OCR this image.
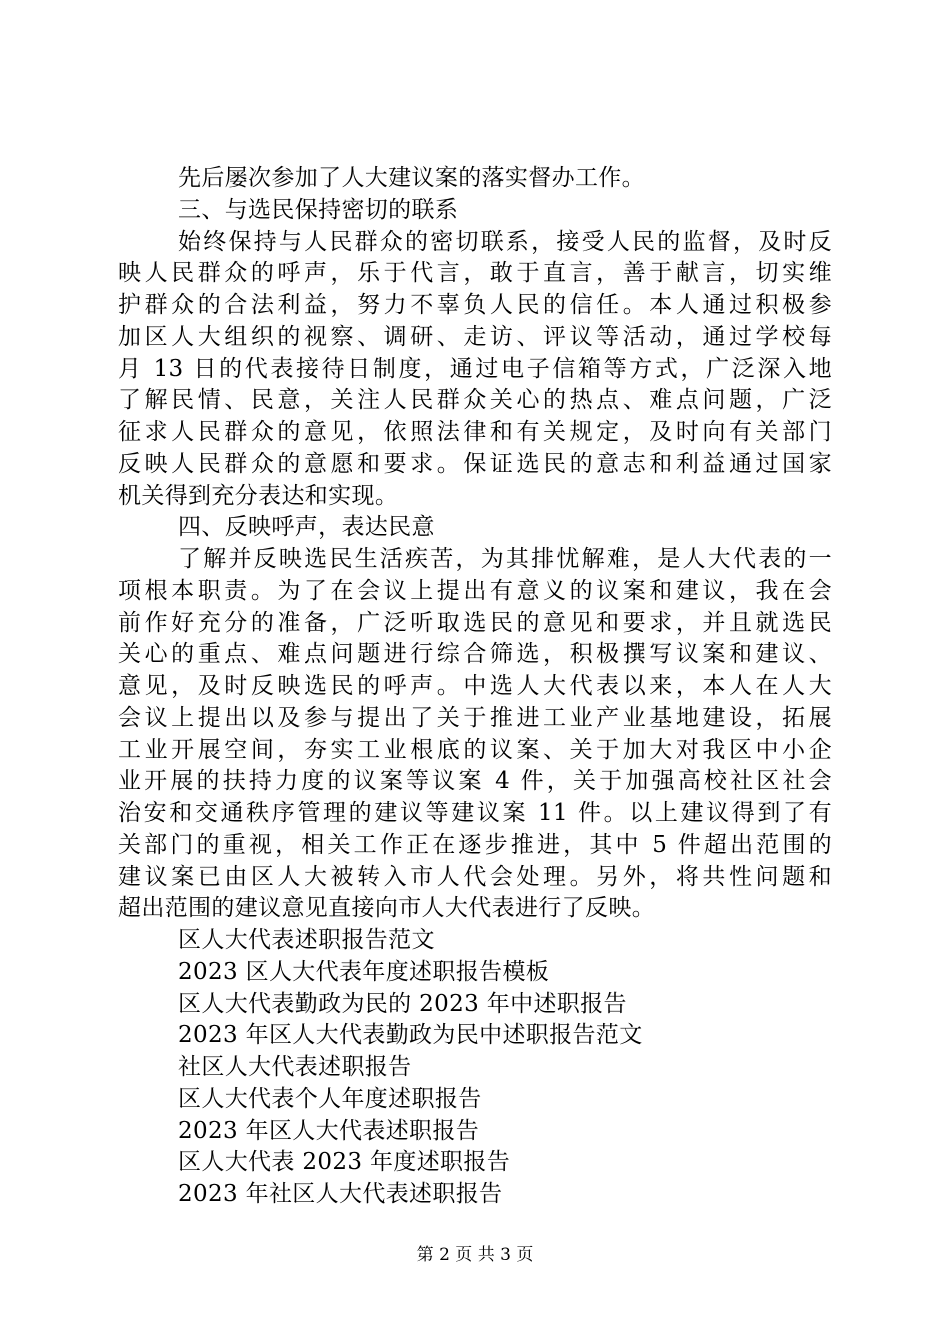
先后屡次参加了人大建议案的落实督办工作。
三、与选民保持密切的联系
始终保持与人民群众的密切联系，接受人民的监督，及时反
映人民群众的呼声，乐于代言，敢于直言，善于献言，切实维
护群众的合法利益，努力不辜负人民的信任。本人通过积极参
加区人大组织的视察、调研、走访、评议等活动，通过学校每
月 13 日的代表接待日制度，通过电子信箱等方式，广泛深入地
了解民情、民意，关注人民群众关心的热点、难点问题，广泛
征求人民群众的意见，依照法律和有关规定，及时向有关部门
反映人民群众的意愿和要求。保证选民的意志和利益通过国家
机关得到充分表达和实现。
四、反映呼声，表达民意
了解并反映选民生活疾苦，为其排忧解难，是人大代表的一
项根本职责。为了在会议上提出有意义的议案和建议，我在会
前作好充分的准备，广泛听取选民的意见和要求，并且就选民
关心的重点、难点问题进行综合筛选，积极撰写议案和建议、
意见，及时反映选民的呼声。中选人大代表以来，本人在人大
会议上提出以及参与提出了关于推进工业产业基地建设，拓展
工业开展空间，夯实工业根底的议案、关于加大对我区中小企
业开展的扶持力度的议案等议案 4 件，关于加强高校社区社会
治安和交通秩序管理的建议等建议案 11 件。以上建议得到了有
关部门的重视，相关工作正在逐步推进，其中 5 件超出范围的
建议案已由区人大被转入市人代会处理。另外，将共性问题和
超出范围的建议意见直接向市人大代表进行了反映。
区人大代表述职报告范文
2023 区人大代表年度述职报告模板
区人大代表勤政为民的 2023 年中述职报告
2023 年区人大代表勤政为民中述职报告范文
社区人大代表述职报告
区人大代表个人年度述职报告
2023 年区人大代表述职报告
区人大代表 2023 年度述职报告
2023 年社区人大代表述职报告
第 2 页 共 3 页
